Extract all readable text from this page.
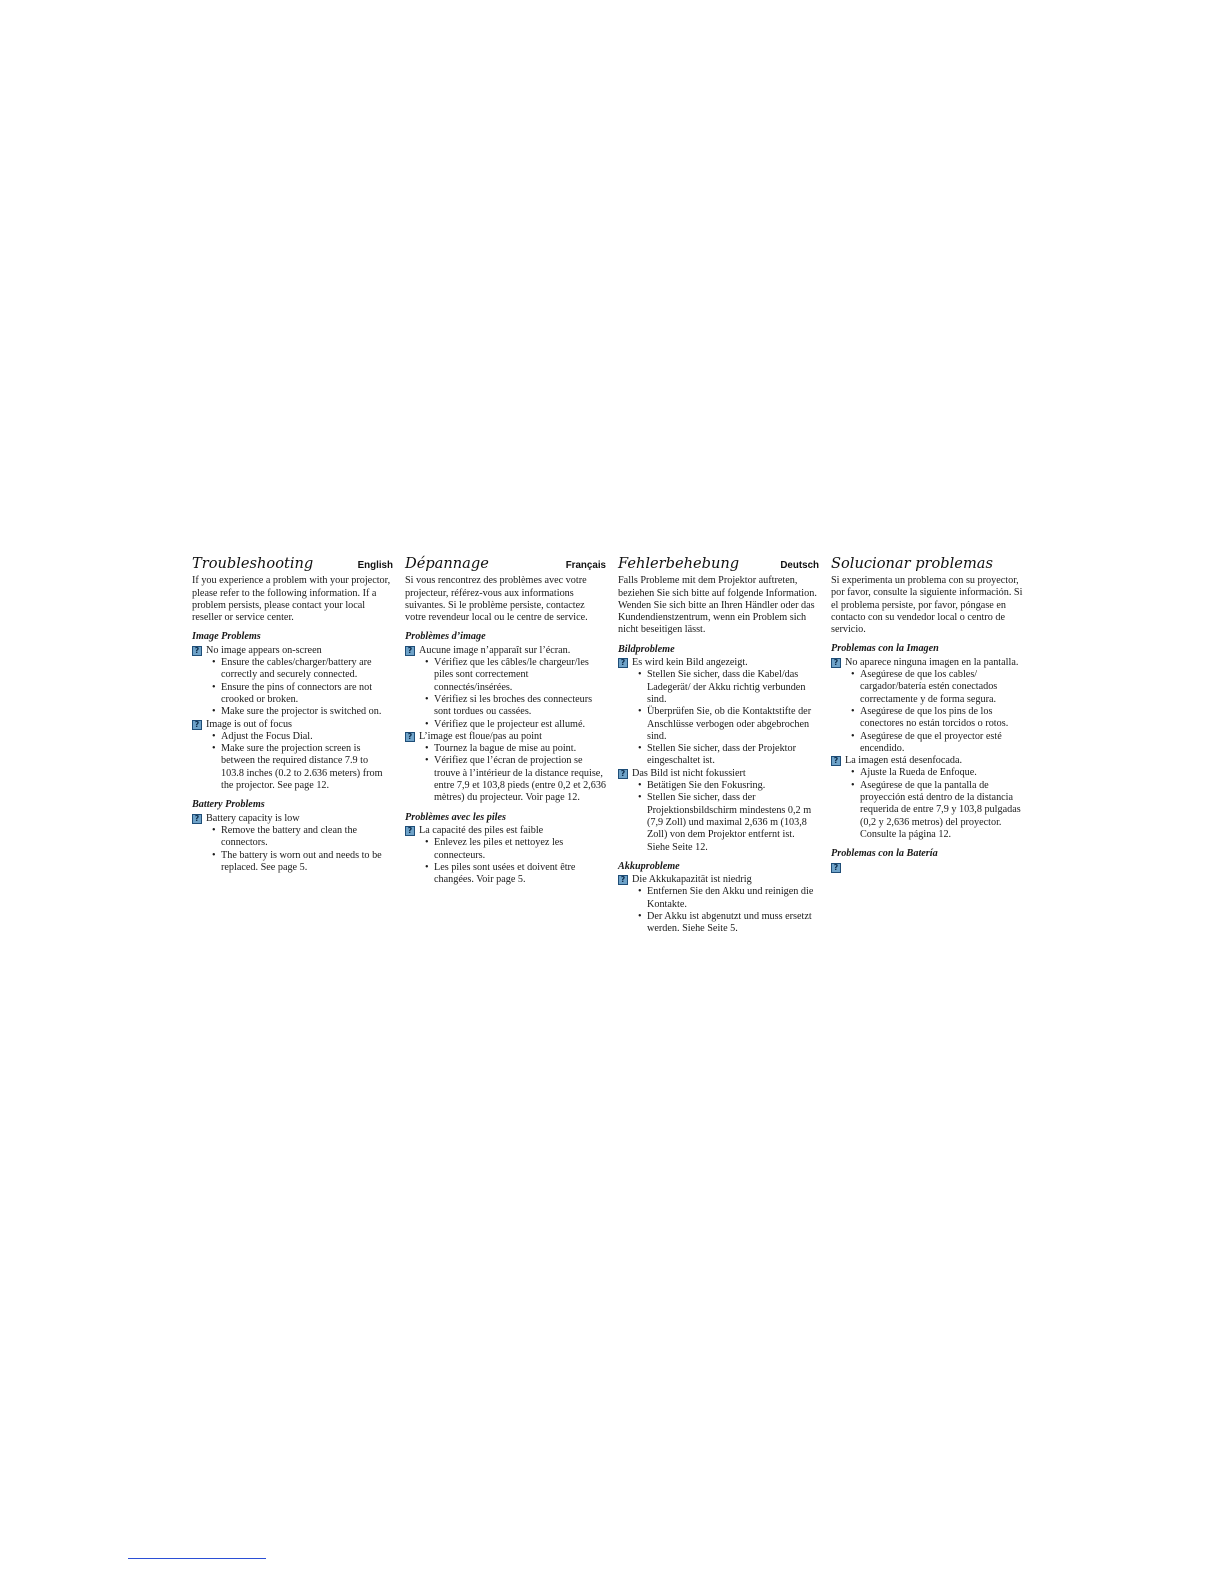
Troubleshooting	English

If you experience a problem with your projector, please refer to the following information. If a problem persists, please contact your local reseller or service center.

Image Problems

? No image appears on-screen
• Ensure the cables/charger/battery are correctly and securely connected.
• Ensure the pins of connectors are not crooked or broken.
• Make sure the projector is switched on.
? Image is out of focus
• Adjust the Focus Dial.
• Make sure the projection screen is between the required distance 7.9 to 103.8 inches (0.2 to 2.636 meters) from the projector. See page 12.

Battery Problems

? Battery capacity is low
• Remove the battery and clean the connectors.
• The battery is worn out and needs to be replaced. See page 5.
Dépannage	Français

Si vous rencontrez des problèmes avec votre projecteur, référez-vous aux informations suivantes. Si le problème persiste, contactez votre revendeur local ou le centre de service.

Problèmes d’image

? Aucune image n’apparaît sur l’écran.
• Vérifiez que les câbles/le chargeur/les piles sont correctement connectés/insérées.
• Vérifiez si les broches des connecteurs sont tordues ou cassées.
• Vérifiez que le projecteur est allumé.
? L’image est floue/pas au point
• Tournez la bague de mise au point.
• Vérifiez que l’écran de projection se trouve à l’intérieur de la distance requise, entre 7,9 et 103,8 pieds (entre 0,2 et 2,636 mètres) du projecteur. Voir page 12.

Problèmes avec les piles

? La capacité des piles est faible
• Enlevez les piles et nettoyez les connecteurs.
• Les piles sont usées et doivent être changées. Voir page 5.
Fehlerbehebung	Deutsch

Falls Probleme mit dem Projektor auftreten, beziehen Sie sich bitte auf folgende Information. Wenden Sie sich bitte an Ihren Händler oder das Kundendienstzentrum, wenn ein Problem sich nicht beseitigen lässt.

Bildprobleme

? Es wird kein Bild angezeigt.
• Stellen Sie sicher, dass die Kabel/das Ladegerät/ der Akku richtig verbunden sind.
• Überprüfen Sie, ob die Kontaktstifte der Anschlüsse verbogen oder abgebrochen sind.
• Stellen Sie sicher, dass der Projektor eingeschaltet ist.
? Das Bild ist nicht fokussiert
• Betätigen Sie den Fokusring.
• Stellen Sie sicher, dass der Projektionsbildschirm mindestens 0,2 m (7,9 Zoll) und maximal 2,636 m (103,8 Zoll) von dem Projektor entfernt ist. Siehe Seite 12.

Akkuprobleme

? Die Akkukapazität ist niedrig
• Entfernen Sie den Akku und reinigen die Kontakte.
• Der Akku ist abgenutzt und muss ersetzt werden. Siehe Seite 5.
Solucionar problemas

Si experimenta un problema con su proyector, por favor, consulte la siguiente información. Si el problema persiste, por favor, póngase en contacto con su vendedor local o centro de servicio.

Problemas con la Imagen

? No aparece ninguna imagen en la pantalla.
• Asegúrese de que los cables/ cargador/batería estén conectados correctamente y de forma segura.
• Asegúrese de que los pins de los conectores no están torcidos o rotos.
• Asegúrese de que el proyector esté encendido.
? La imagen está desenfocada.
• Ajuste la Rueda de Enfoque.
• Asegúrese de que la pantalla de proyección está dentro de la distancia requerida de entre 7,9 y 103,8 pulgadas (0,2 y 2,636 metros) del proyector. Consulte la página 12.

Problemas con la Batería

?
